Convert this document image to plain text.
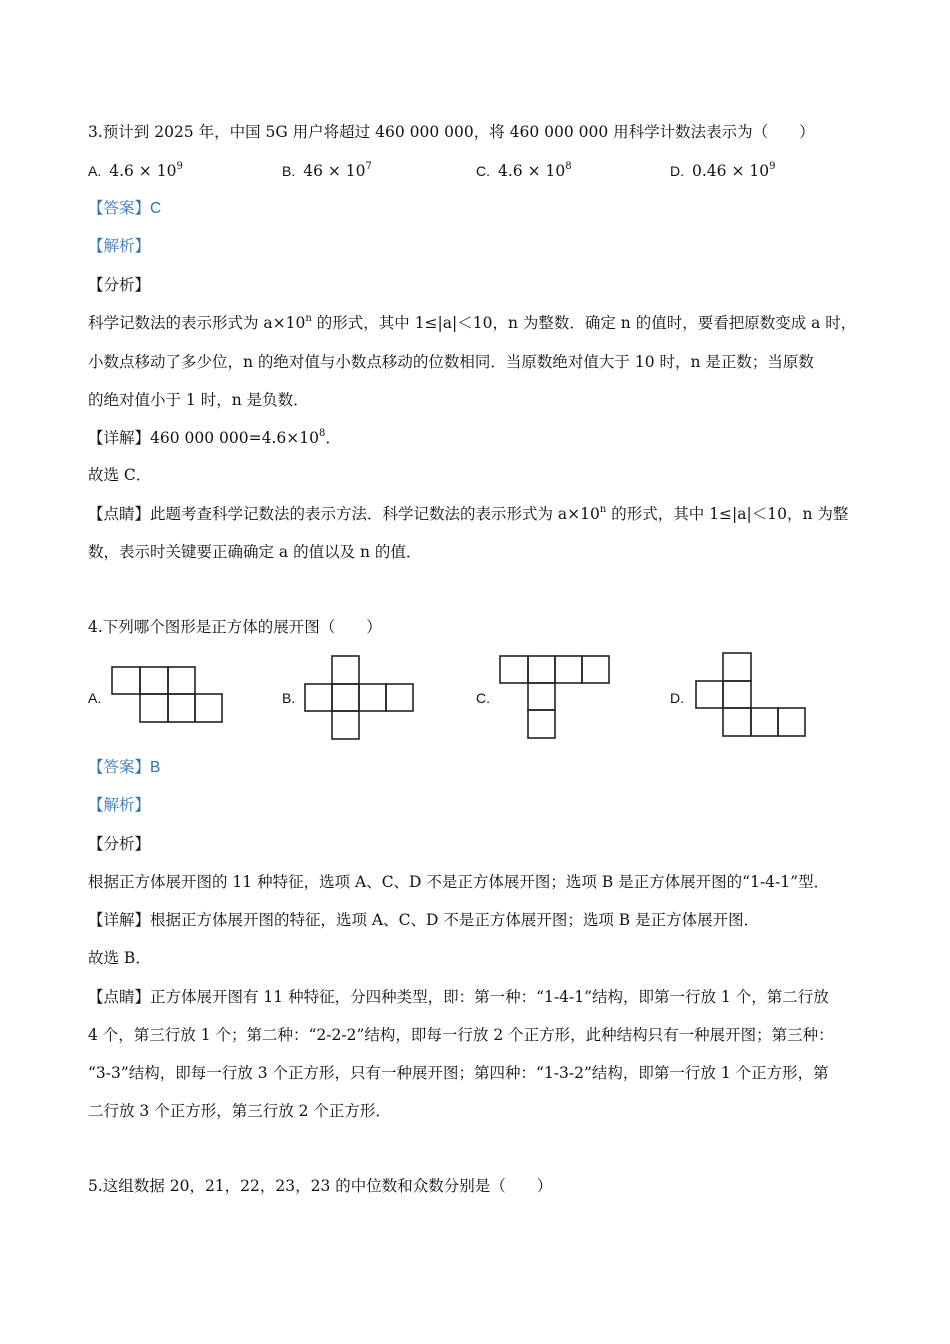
3.预计到 2025 年，中国 5G 用户将超过 460 000 000，将 460 000 000 用科学计数法表示为（　　）
A. $4.6 \times 10^9$	B. $46 \times 10^7$	C. $4.6 \times 10^8$	D. $0.46 \times 10^9$
【答案】C
【解析】
【分析】
科学记数法的表示形式为 $a\times 10^n$ 的形式，其中 1≤|a|＜10，n 为整数．确定 n 的值时，要看把原数变成 a 时，
小数点移动了多少位，n 的绝对值与小数点移动的位数相同．当原数绝对值大于 10 时，n 是正数；当原数
的绝对值小于 1 时，n 是负数．
【详解】460 000 $000=4.6\times 10^8$．
故选 C．
【点睛】此题考查科学记数法的表示方法．科学记数法的表示形式为 $a\times 10^n$ 的形式，其中 1≤|a|＜10，n 为整
数，表示时关键要正确确定 a 的值以及 n 的值．
4.下列哪个图形是正方体的展开图（　　）
A.	B.	C.	D.
【答案】B
【解析】
【分析】
根据正方体展开图的 11 种特征，选项 A、C、D 不是正方体展开图；选项 B 是正方体展开图的“1-4-1”型．
【详解】根据正方体展开图的特征，选项 A、C、D 不是正方体展开图；选项 B 是正方体展开图．
故选 B．
【点睛】正方体展开图有 11 种特征，分四种类型，即：第一种：“1-4-1”结构，即第一行放 1 个，第二行放
4 个，第三行放 1 个；第二种：“2-2-2”结构，即每一行放 2 个正方形，此种结构只有一种展开图；第三种：
“3-3”结构，即每一行放 3 个正方形，只有一种展开图；第四种：“1-3-2”结构，即第一行放 1 个正方形，第
二行放 3 个正方形，第三行放 2 个正方形．
5.这组数据 20，21，22，23，23 的中位数和众数分别是（　　）
